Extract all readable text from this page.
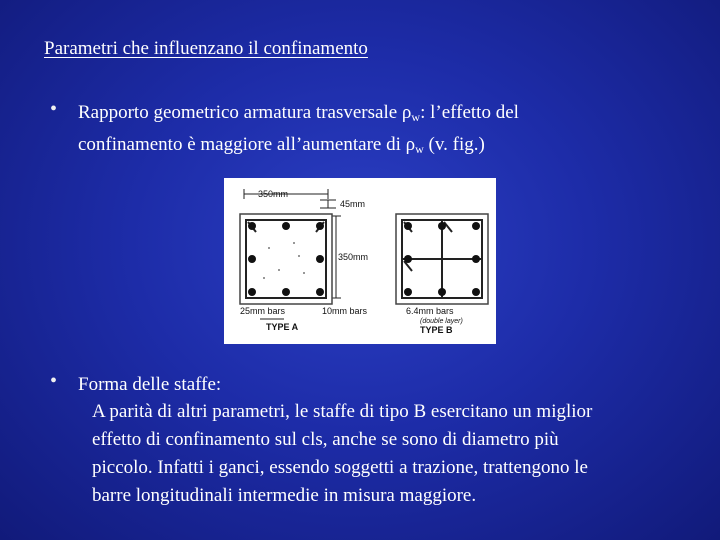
Parametri che influenzano il confinamento
• Rapporto geometrico armatura trasversale $\rho_w$: l’effetto del
confinamento è maggiore all’aumentare di $\rho_w$ (v. fig.)
350mm
45mm
350mm
25mm bars	10mm bars
TYPE A
6.4mm bars
(double layer)
TYPE B
• Forma delle staffe:
A parità di altri parametri, le staffe di tipo B esercitano un miglior
effetto di confinamento sul cls, anche se sono di diametro più
piccolo. Infatti i ganci, essendo soggetti a trazione, trattengono le
barre longitudinali intermedie in misura maggiore.
